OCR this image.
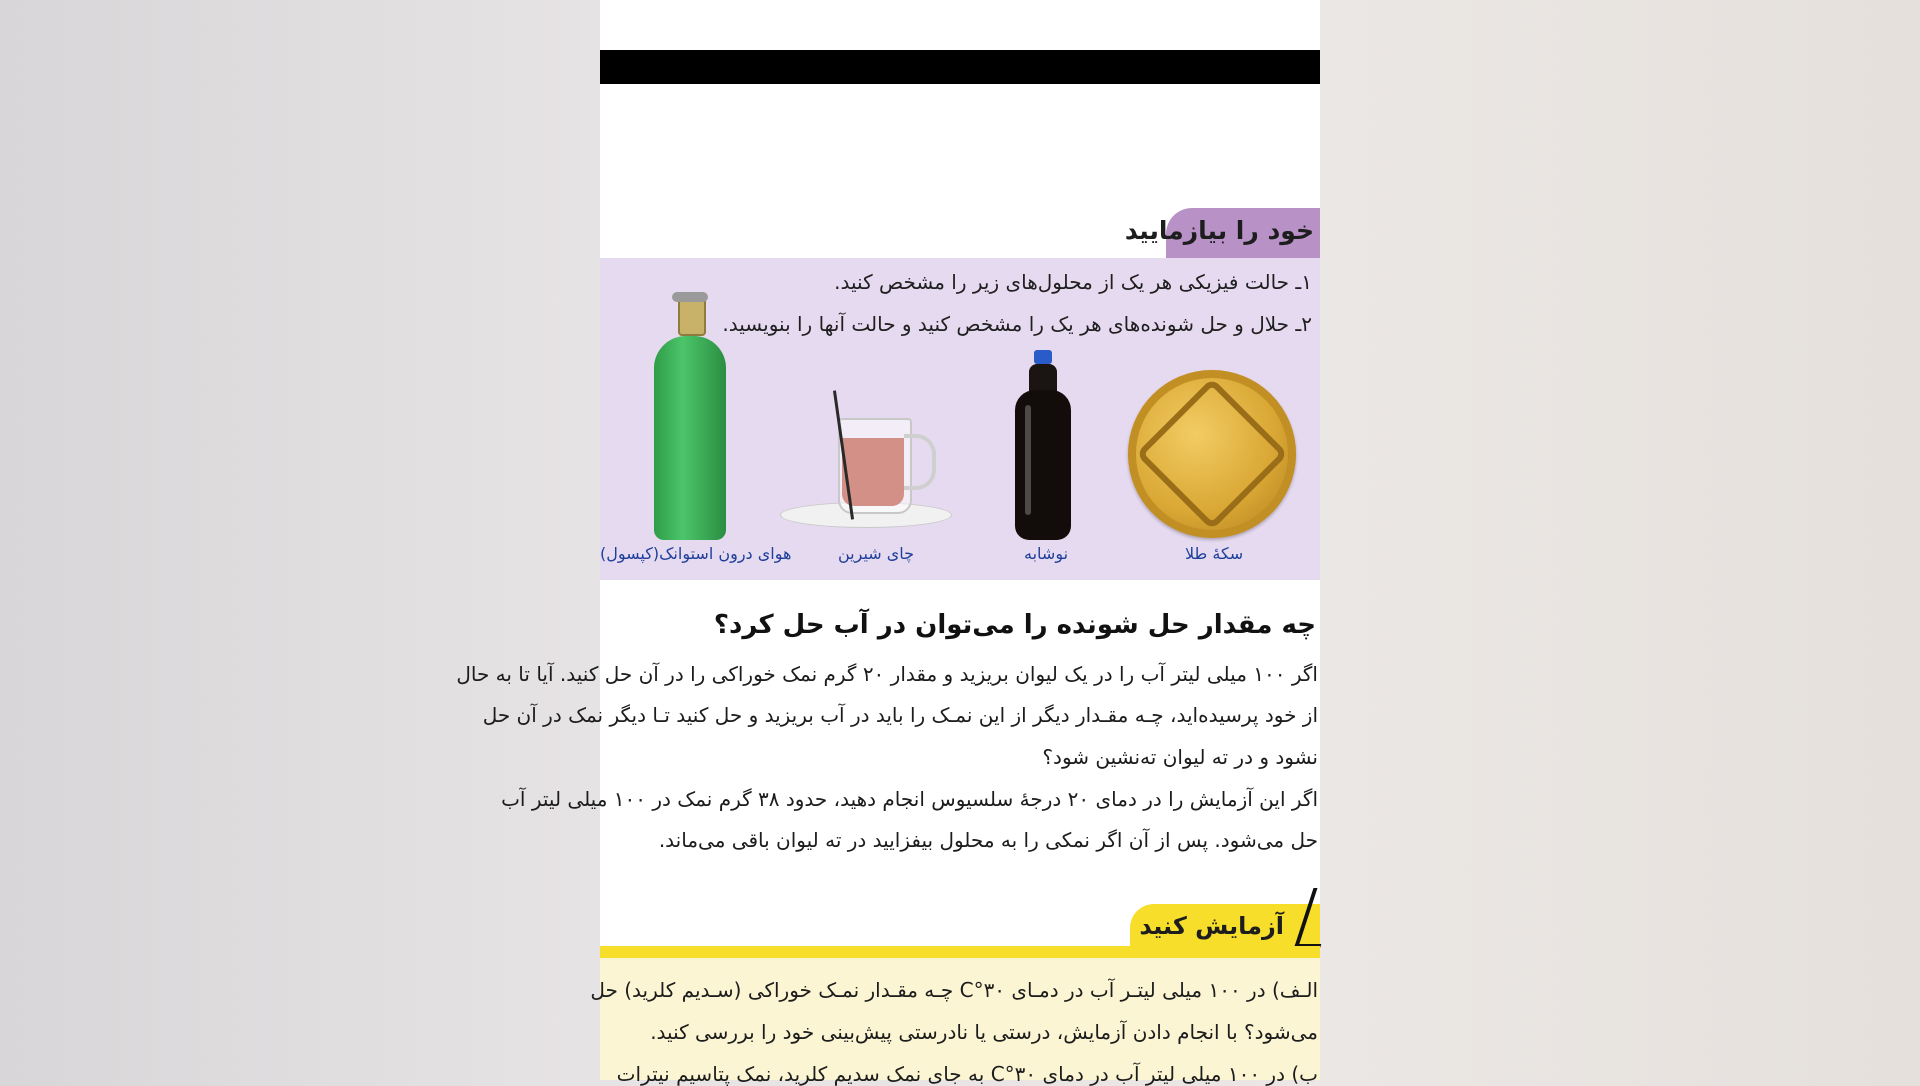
خود را بیازمایید
۱ـ حالت فیزیکی هر یک از محلول‌های زیر را مشخص کنید.
۲ـ حلال و حل شونده‌های هر یک را مشخص کنید و حالت آنها را بنویسید.
سکهٔ طلا
نوشابه
چای شیرین
هوای درون استوانک(کپسول)
چه مقدار حل شونده را می‌توان در آب حل کرد؟
اگر ۱۰۰ میلی لیتر آب را در یک لیوان بریزید و مقدار ۲۰ گرم نمک خوراکی را در آن حل کنید. آیا تا به حال
از خود پرسیده‌اید، چـه مقـدار دیگر از این نمـک را باید در آب بریزید و حل کنید تـا دیگر نمک در آن حل
نشود و در ته لیوان ته‌نشین شود؟
اگر این آزمایش را در دمای ۲۰ درجهٔ سلسیوس انجام دهید، حدود ۳۸ گرم نمک در ۱۰۰ میلی لیتر آب
حل می‌شود. پس از آن اگر نمکی را به محلول بیفزایید در ته لیوان باقی می‌ماند.
آزمایش کنید
الـف) در ۱۰۰ میلی لیتـر آب در دمـای ۳۰°C چـه مقـدار نمـک خوراکی (سـدیم کلرید) حل
می‌شود؟ با انجام دادن آزمایش، درستی یا نادرستی پیش‌بینی خود را بررسی کنید.
ب) در ۱۰۰ میلی لیتر آب در دمای ۳۰°C به جای نمک سدیم کلرید، نمک پتاسیم نیترات
